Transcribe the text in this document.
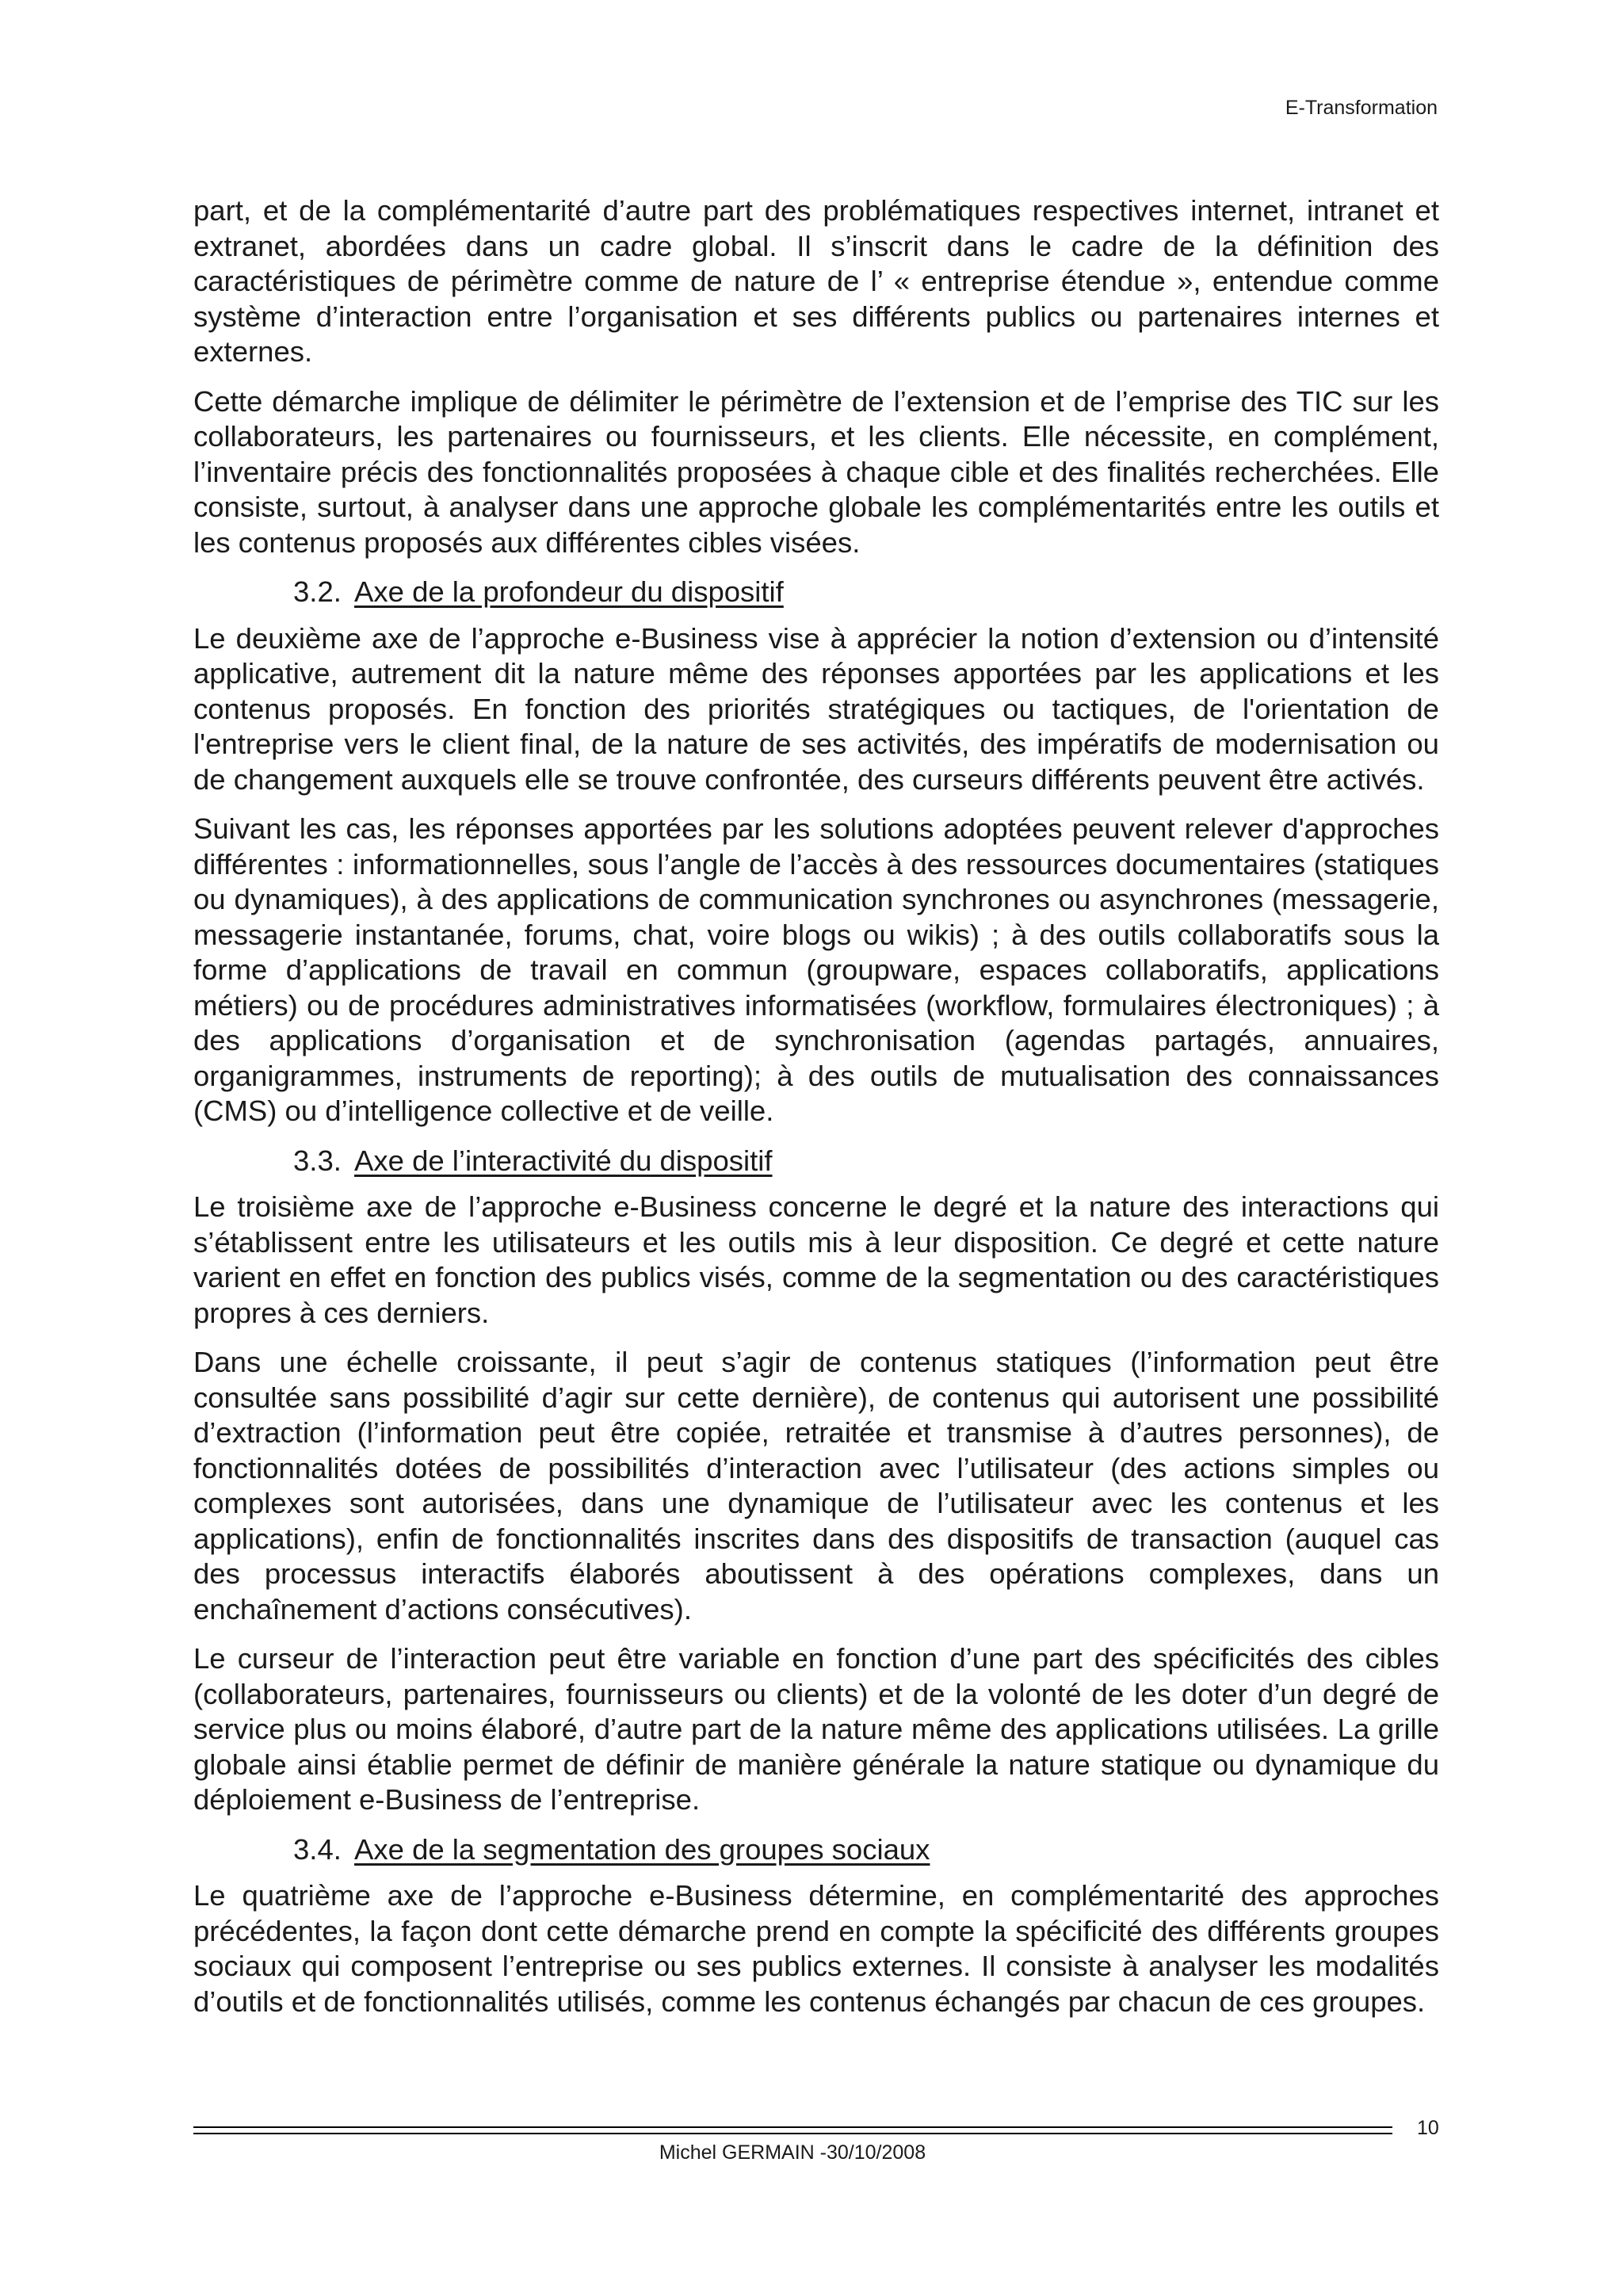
E-Transformation

part, et de la complémentarité d’autre part des problématiques respectives internet, intranet et extranet, abordées dans un cadre global. Il s’inscrit dans le cadre de la définition des caractéristiques de périmètre comme de nature de l’ « entreprise étendue », entendue comme système d’interaction entre l’organisation et ses différents publics ou partenaires internes et externes.

Cette démarche implique de délimiter le périmètre de l’extension et de l’emprise des TIC sur les collaborateurs, les partenaires ou fournisseurs, et les clients. Elle nécessite, en complément, l’inventaire précis des fonctionnalités proposées à chaque cible et des finalités recherchées. Elle consiste, surtout, à analyser dans une approche globale les complémentarités entre les outils et les contenus proposés aux différentes cibles visées.

3.2. Axe de la profondeur du dispositif

Le deuxième axe de l’approche e-Business vise à apprécier la notion d’extension ou d’intensité applicative, autrement dit la nature même des réponses apportées par les applications et les contenus proposés. En fonction des priorités stratégiques ou tactiques, de l'orientation de l'entreprise vers le client final, de la nature de ses activités, des impératifs de modernisation ou de changement auxquels elle se trouve confrontée, des curseurs différents peuvent être activés.

Suivant les cas, les réponses apportées par les solutions adoptées peuvent relever d'approches différentes : informationnelles, sous l’angle de l’accès à des ressources documentaires (statiques ou dynamiques), à des applications de communication synchrones ou asynchrones (messagerie, messagerie instantanée, forums, chat, voire blogs ou wikis) ; à des outils collaboratifs sous la forme d’applications de travail en commun (groupware, espaces collaboratifs, applications métiers) ou de procédures administratives informatisées (workflow, formulaires électroniques) ; à des applications d’organisation et de synchronisation (agendas partagés, annuaires, organigrammes, instruments de reporting); à des outils de mutualisation des connaissances (CMS) ou d’intelligence collective et de veille.

3.3. Axe de l’interactivité du dispositif

Le troisième axe de l’approche e-Business concerne le degré et la nature des interactions qui s’établissent entre les utilisateurs et les outils mis à leur disposition. Ce degré et cette nature varient en effet en fonction des publics visés, comme de la segmentation ou des caractéristiques propres à ces derniers.

Dans une échelle croissante, il peut s’agir de contenus statiques (l’information peut être consultée sans possibilité d’agir sur cette dernière), de contenus qui autorisent une possibilité d’extraction (l’information peut être copiée, retraitée et transmise à d’autres personnes), de fonctionnalités dotées de possibilités d’interaction avec l’utilisateur (des actions simples ou complexes sont autorisées, dans une dynamique de l’utilisateur avec les contenus et les applications), enfin de fonctionnalités inscrites dans des dispositifs de transaction (auquel cas des processus interactifs élaborés aboutissent à des opérations complexes, dans un enchaînement d’actions consécutives).

Le curseur de l’interaction peut être variable en fonction d’une part des spécificités des cibles (collaborateurs, partenaires, fournisseurs ou clients) et de la volonté de les doter d’un degré de service plus ou moins élaboré, d’autre part de la nature même des applications utilisées. La grille globale ainsi établie permet de définir de manière générale la nature statique ou dynamique du déploiement e-Business de l’entreprise.

3.4. Axe de la segmentation des groupes sociaux

Le quatrième axe de l’approche e-Business détermine, en complémentarité des approches précédentes, la façon dont cette démarche prend en compte la spécificité des différents groupes sociaux qui composent l’entreprise ou ses publics externes. Il consiste à analyser les modalités d’outils et de fonctionnalités utilisés, comme les contenus échangés par chacun de ces groupes.

10
Michel GERMAIN -30/10/2008
